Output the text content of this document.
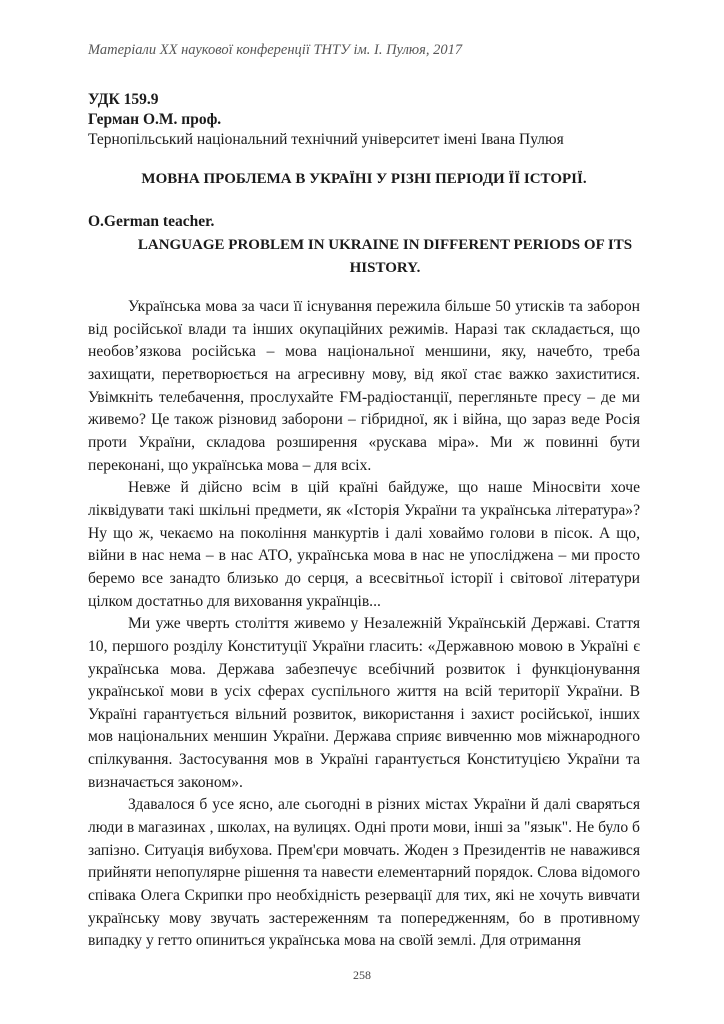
Матеріали XX наукової конференції ТНТУ ім. І. Пулюя, 2017

УДК 159.9

Герман О.М. проф.

Тернопільський національний технічний університет імені Івана Пулюя

МОВНА ПРОБЛЕМА В УКРАЇНІ У РІЗНІ ПЕРІОДИ ЇЇ ІСТОРІЇ.

O.German teacher.

LANGUAGE PROBLEM IN UKRAINE IN DIFFERENT PERIODS OF ITS HISTORY.

Українська мова за часи її існування пережила більше 50 утисків та заборон від російської влади та інших окупаційних режимів. Наразі так складається, що необов’язкова російська – мова національної меншини, яку, начебто, треба захищати, перетворюється на агресивну мову, від якої стає важко захиститися. Увімкніть телебачення, прослухайте FM-радіостанції, перегляньте пресу – де ми живемо? Це також різновид заборони – гібридної, як і війна, що зараз веде Росія проти України, складова розширення «рускава міра». Ми ж повинні бути переконані, що українська мова – для всіх.

Невже й дійсно всім в цій країні байдуже, що наше Міносвіти хоче ліквідувати такі шкільні предмети, як «Історія України та українська література»? Ну що ж, чекаємо на покоління манкуртів і далі ховаймо голови в пісок. А що, війни в нас нема – в нас АТО, українська мова в нас не упосліджена – ми просто беремо все занадто близько до серця, а всесвітньої історії і світової літератури цілком достатньо для виховання українців...

Ми уже чверть століття живемо у Незалежній Українській Державі. Стаття 10, першого розділу Конституції України гласить: «Державною мовою в Україні є українська мова. Держава забезпечує всебічний розвиток і функціонування української мови в усіх сферах суспільного життя на всій території України. В Україні гарантується вільний розвиток, використання і захист російської, інших мов національних меншин України. Держава сприяє вивченню мов міжнародного спілкування. Застосування мов в Україні гарантується Конституцією України та визначається законом».

Здавалося б усе ясно, але сьогодні в різних містах України й далі сваряться люди в магазинах , школах, на вулицях. Одні проти мови, інші за "язык". Не було б запізно. Ситуація вибухова. Прем'єри мовчать. Жоден з Президентів не наважився прийняти непопулярне рішення та навести елементарний порядок. Слова відомого співака Олега Скрипки про необхідність резервації для тих, які не хочуть вивчати українську мову звучать застереженням та попередженням, бо в противному випадку у гетто опиниться українська мова на своїй землі. Для отримання

258
